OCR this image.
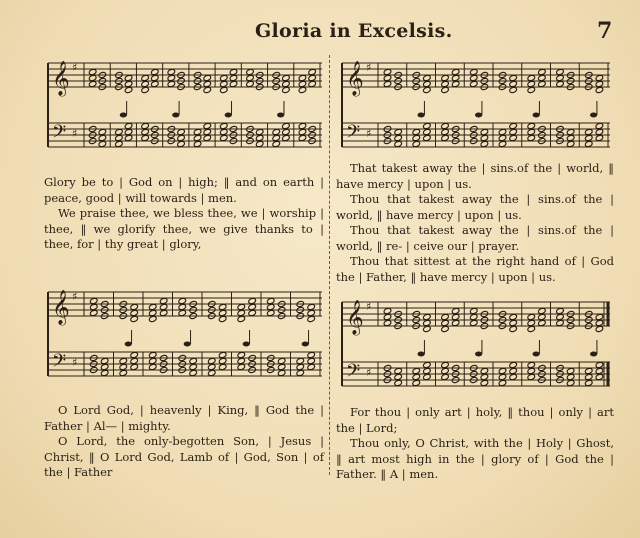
Gloria in Excelsis.	7
𝄞 ♯
𝄢 ♯
𝄞 ♯
𝄢 ♯
𝄞 ♯
𝄢 ♯
𝄞 ♯
𝄢 ♯

Glory be to | God on | high; ‖ and on earth | peace, good | will towards | men.

We praise thee, we bless thee, we | worship | thee, ‖ we glorify thee, we give thanks to | thee, for | thy great | glory,

That takest away the | sins.of the | world, ‖ have mercy | upon | us.

Thou that takest away the | sins.of the | world, ‖ have mercy | upon | us.

Thou that takest away the | sins.of the | world, ‖ re- | ceive our | prayer.

Thou that sittest at the right hand of | God the | Father, ‖ have mercy | upon | us.

O Lord God, | heavenly | King, ‖ God the | Father | Al— | mighty.

O Lord, the only-begotten Son, | Jesus | Christ, ‖ O Lord God, Lamb of | God, Son | of the | Father

For thou | only art | holy, ‖ thou | only | art the | Lord;

Thou only, O Christ, with the | Holy | Ghost, ‖ art most high in the | glory of | God the | Father. ‖ A | men.
